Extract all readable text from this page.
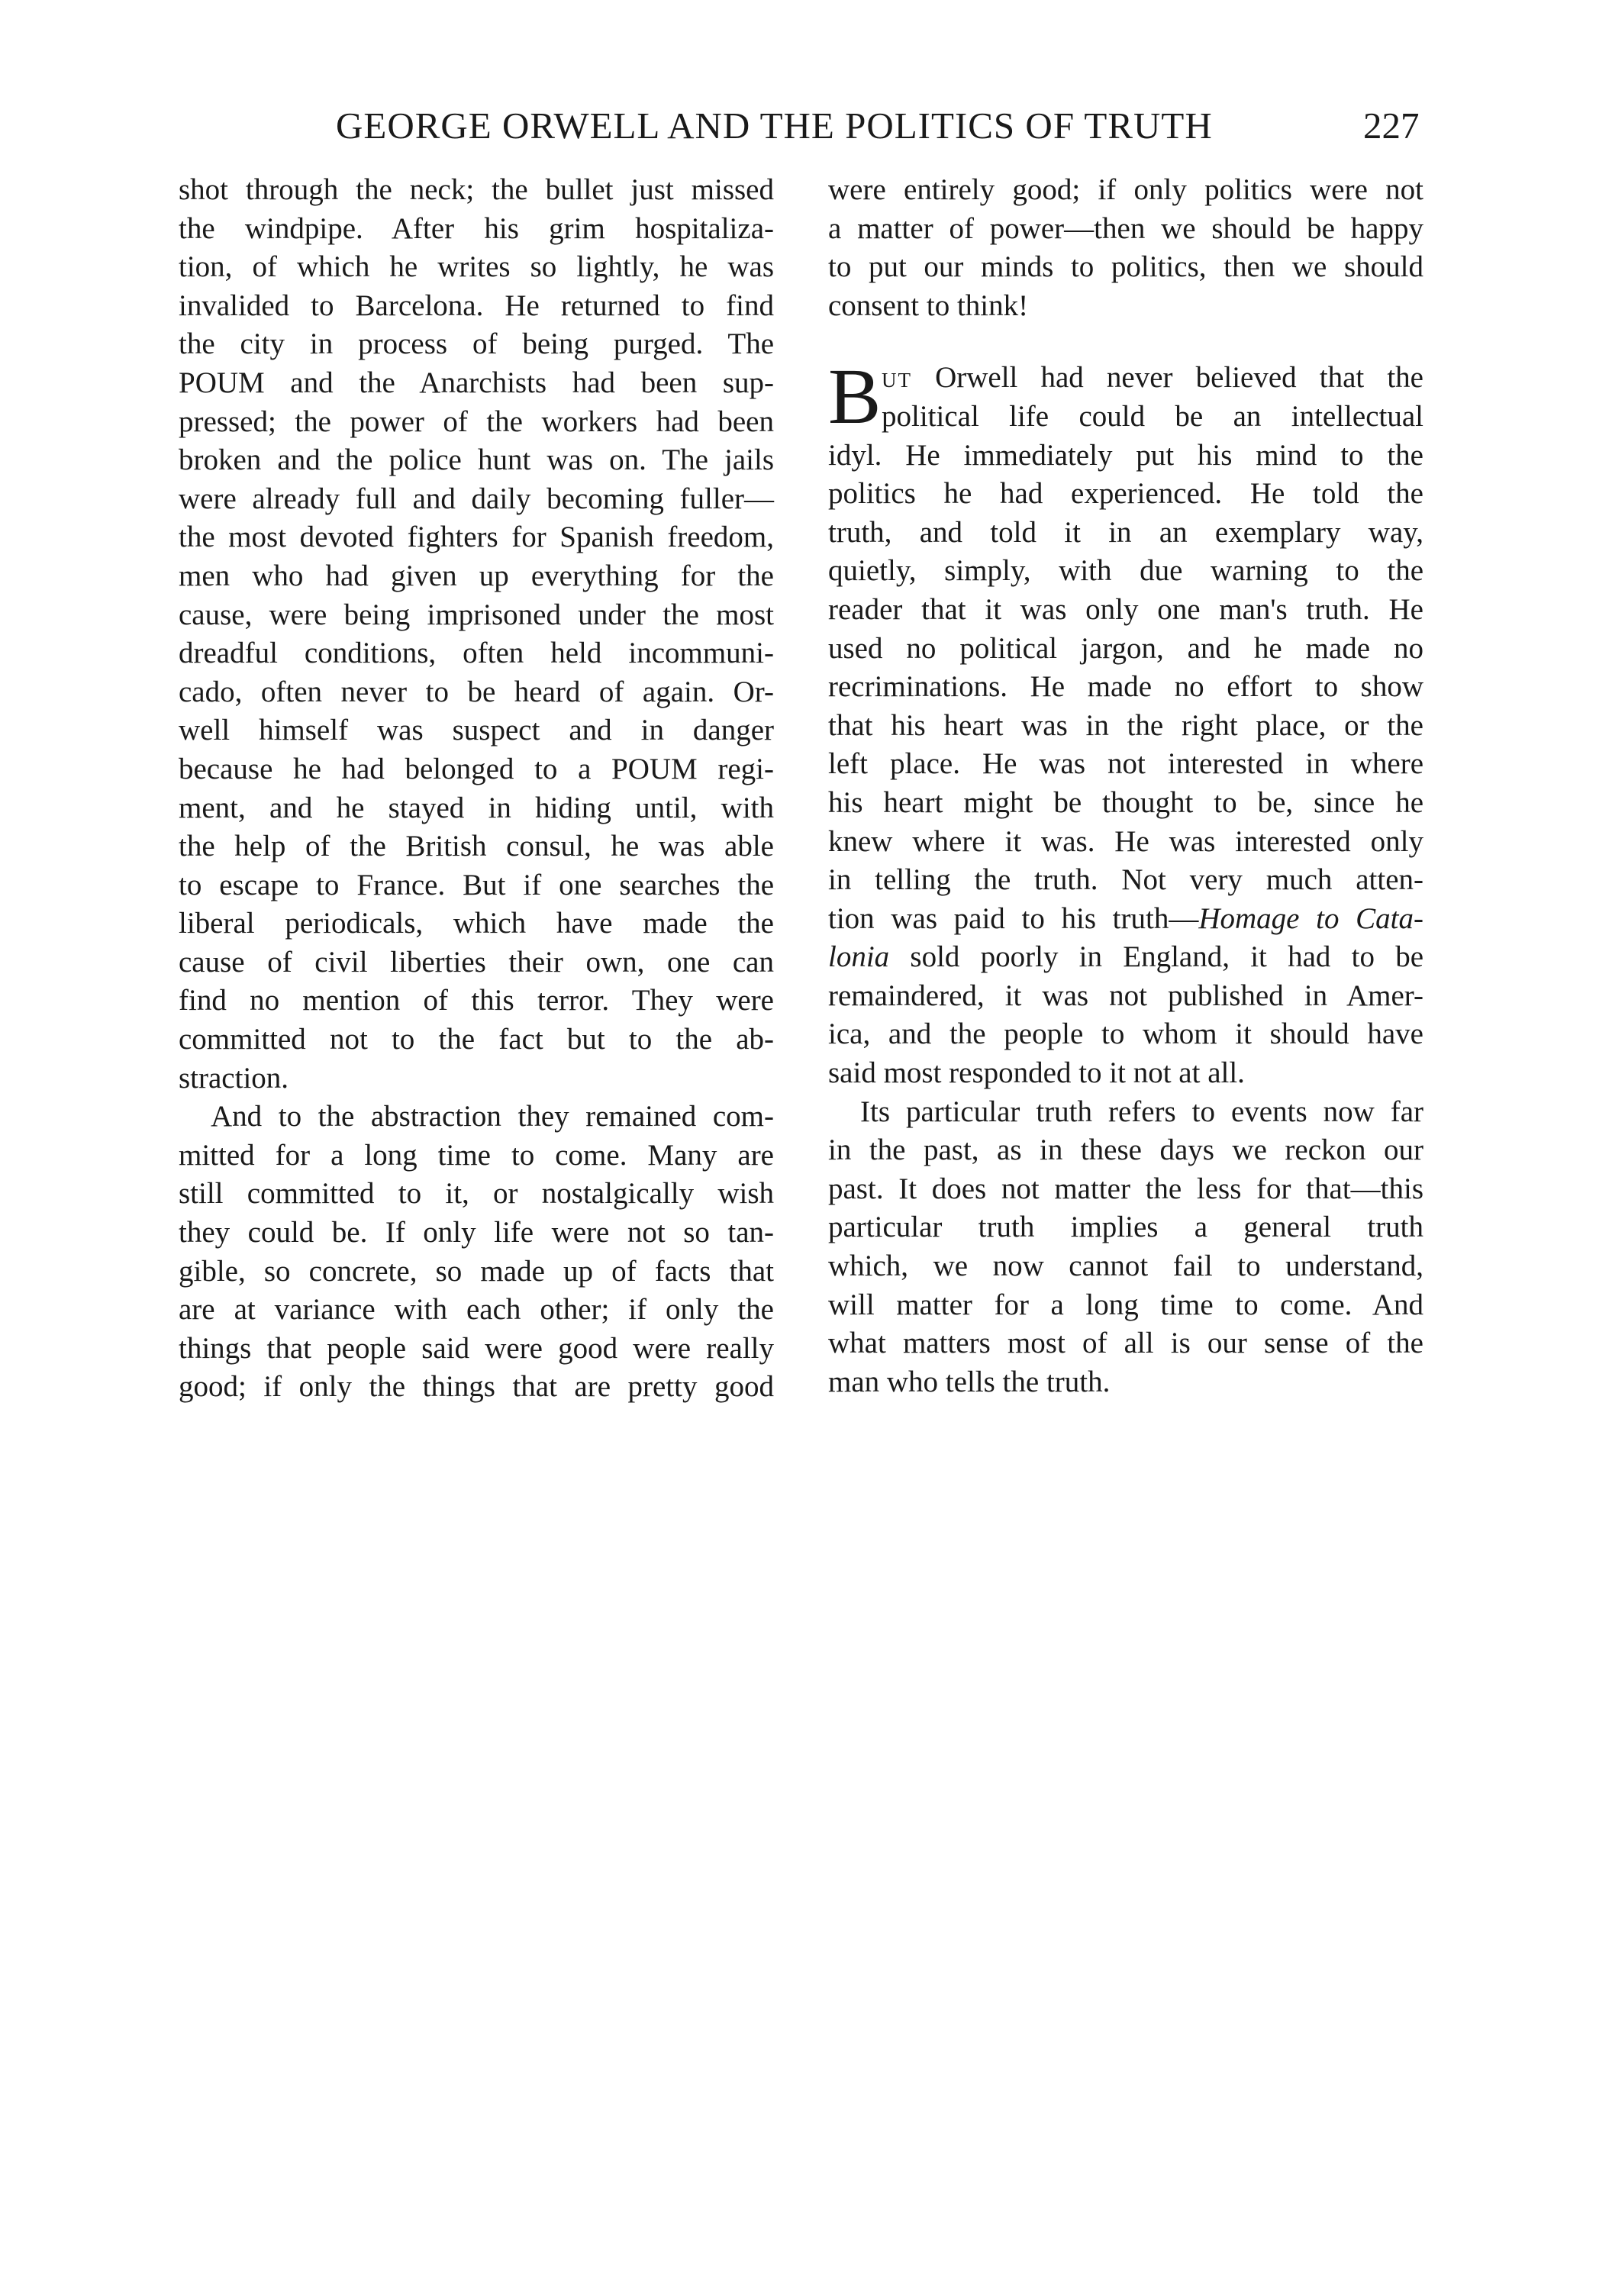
GEORGE ORWELL AND THE POLITICS OF TRUTH	227
shot through the neck; the bullet just missed
the windpipe. After his grim hospitaliza-
tion, of which he writes so lightly, he was
invalided to Barcelona. He returned to find
the city in process of being purged. The
POUM and the Anarchists had been sup-
pressed; the power of the workers had been
broken and the police hunt was on. The jails
were already full and daily becoming fuller—
the most devoted fighters for Spanish freedom,
men who had given up everything for the
cause, were being imprisoned under the most
dreadful conditions, often held incommuni-
cado, often never to be heard of again. Or-
well himself was suspect and in danger
because he had belonged to a POUM regi-
ment, and he stayed in hiding until, with
the help of the British consul, he was able
to escape to France. But if one searches the
liberal periodicals, which have made the
cause of civil liberties their own, one can
find no mention of this terror. They were
committed not to the fact but to the ab-
straction.
And to the abstraction they remained com-
mitted for a long time to come. Many are
still committed to it, or nostalgically wish
they could be. If only life were not so tan-
gible, so concrete, so made up of facts that
are at variance with each other; if only the
things that people said were good were really
good; if only the things that are pretty good
were entirely good; if only politics were not
a matter of power—then we should be happy
to put our minds to politics, then we should
consent to think!
B ut Orwell had never believed that the
political life could be an intellectual
idyl. He immediately put his mind to the
politics he had experienced. He told the
truth, and told it in an exemplary way,
quietly, simply, with due warning to the
reader that it was only one man's truth. He
used no political jargon, and he made no
recriminations. He made no effort to show
that his heart was in the right place, or the
left place. He was not interested in where
his heart might be thought to be, since he
knew where it was. He was interested only
in telling the truth. Not very much atten-
tion was paid to his truth—Homage to Cata-
lonia sold poorly in England, it had to be
remaindered, it was not published in Amer-
ica, and the people to whom it should have
said most responded to it not at all.
Its particular truth refers to events now far
in the past, as in these days we reckon our
past. It does not matter the less for that—this
particular truth implies a general truth
which, we now cannot fail to understand,
will matter for a long time to come. And
what matters most of all is our sense of the
man who tells the truth.
